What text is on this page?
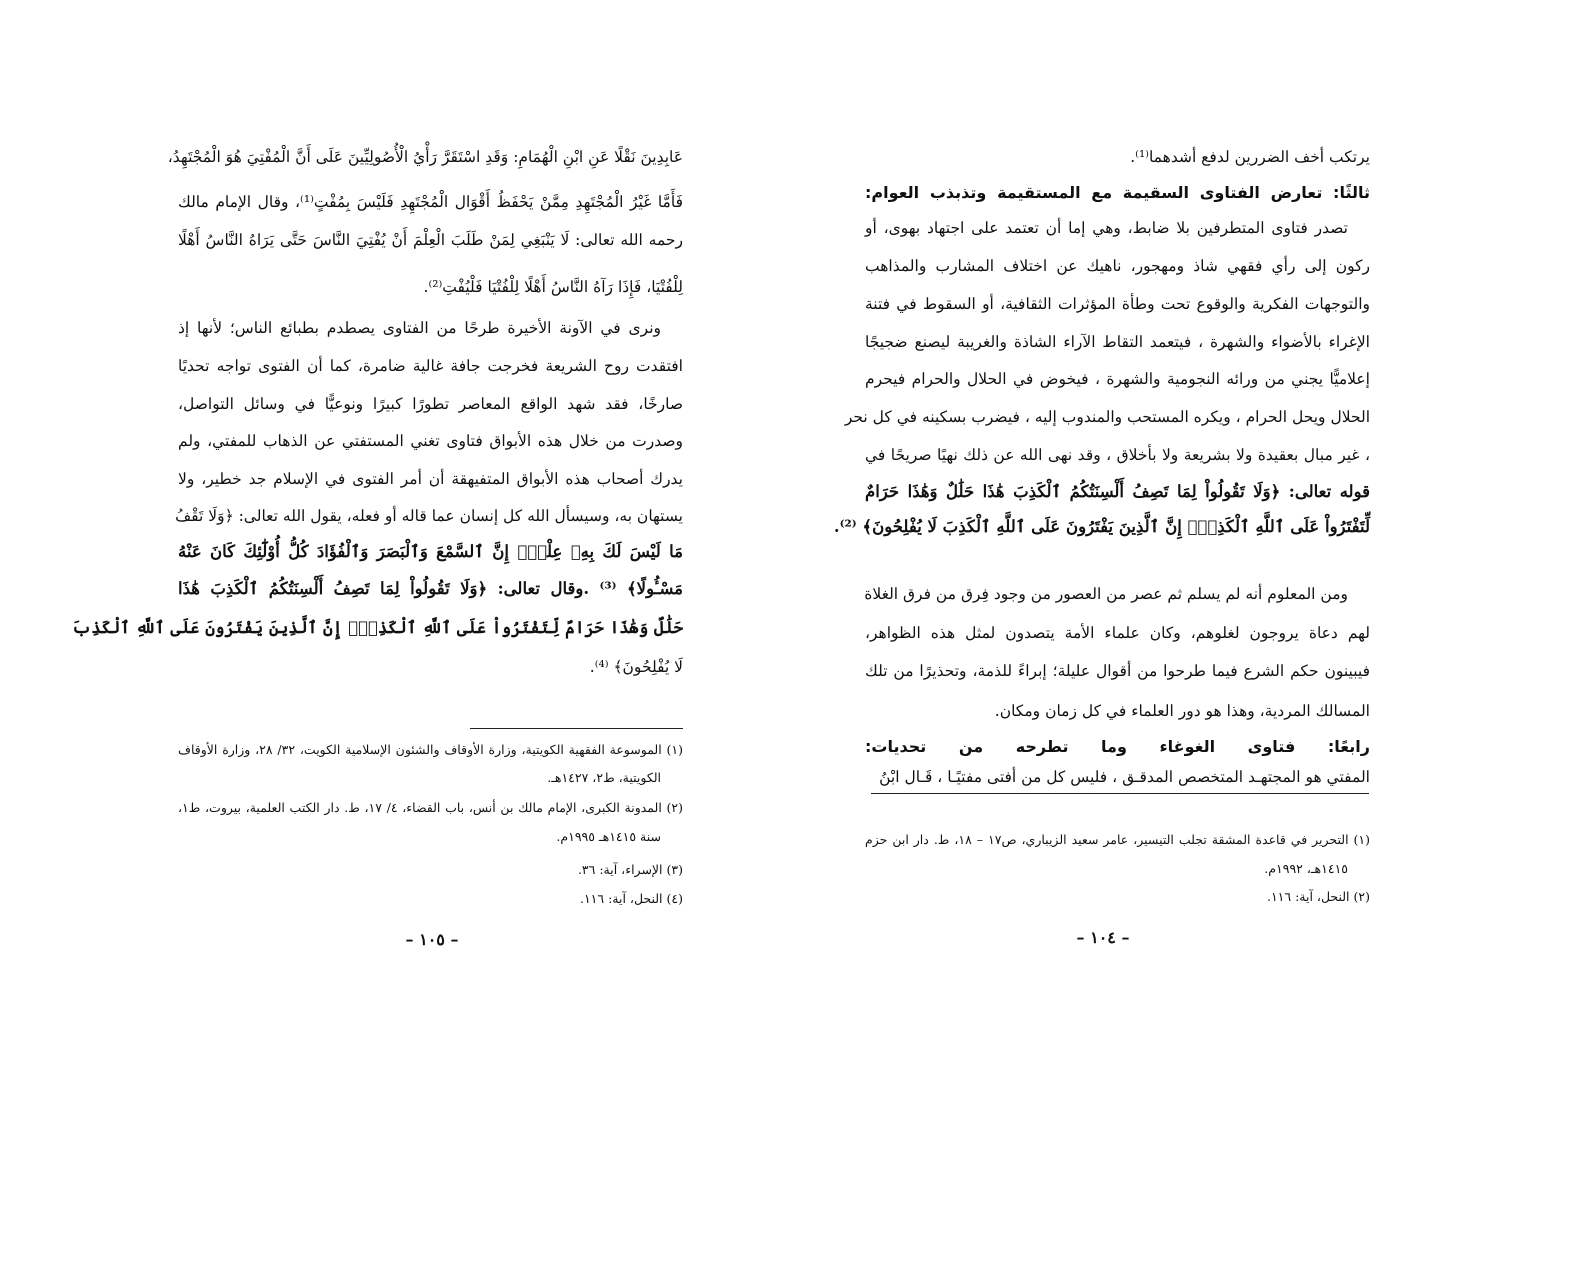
يرتكب أخف الضررين لدفع أشدهما⁽¹⁾.
ثالثًا: تعارض الفتاوى السقيمة مع المستقيمة وتذبذب العوام:
تصدر فتاوى المتطرفين بلا ضابط، وهي إما أن تعتمد على اجتهاد بهوى، أو
ركون إلى رأي فقهي شاذ ومهجور، ناهيك عن اختلاف المشارب والمذاهب
والتوجهات الفكرية والوقوع تحت وطأة المؤثرات الثقافية، أو السقوط في فتنة
الإغراء بالأضواء والشهرة ، فيتعمد التقاط الآراء الشاذة والغريبة ليصنع ضجيجًا
إعلاميًّا يجني من ورائه النجومية والشهرة ، فيخوض في الحلال والحرام فيحرم
الحلال ويحل الحرام ، ويكره المستحب والمندوب إليه ، فيضرب بسكينه في كل نحر
، غير مبال بعقيدة ولا بشريعة ولا بأخلاق ، وقد نهى الله عن ذلك نهيًا صريحًا في
قوله تعالى: ﴿وَلَا تَقُولُواْ لِمَا تَصِفُ أَلْسِنَتُكُمُ ٱلْكَذِبَ هَٰذَا حَلَٰلٌ وَهَٰذَا حَرَامٌ
لِّتَفْتَرُواْ عَلَى ٱللَّهِ ٱلْكَذِبَۚ إِنَّ ٱلَّذِينَ يَفْتَرُونَ عَلَى ٱللَّهِ ٱلْكَذِبَ لَا يُفْلِحُونَ﴾ ⁽²⁾.
ومن المعلوم أنه لم يسلم ثم عصر من العصور من وجود فِرق من فرق الغلاة
لهم دعاة يروجون لغلوهم، وكان علماء الأمة يتصدون لمثل هذه الظواهر،
فيبينون حكم الشرع فيما طرحوا من أقوال عليلة؛ إبراءً للذمة، وتحذيرًا من تلك
المسالك المردية، وهذا هو دور العلماء في كل زمان ومكان.
رابعًا: فتاوى الغوغاء وما تطرحه من تحديات:
المفتي هو المجتهـد المتخصص المدقـق ، فليس كل من أفتى مفتيًـا ، قَـال ابْنُ
(١) التحرير في قاعدة المشقة تجلب التيسير، عامر سعيد الزيباري، ص١٧ – ١٨، ط. دار ابن حزم
١٤١٥هـ، ١٩٩٢م.
(٢) النحل، آية: ١١٦.
– ١٠٤ –
عَابِدِينَ نَقْلًا عَنِ ابْنِ الْهُمَامِ: وَقَدِ اسْتَقَرَّ رَأْيُ الْأُصُولِيِّينَ عَلَى أَنَّ الْمُفْتِيَ هُوَ الْمُجْتَهِدُ،
فَأَمَّا غَيْرُ الْمُجْتَهِدِ مِمَّنْ يَحْفَظُ أَقْوَال الْمُجْتَهِدِ فَلَيْسَ بِمُفْتٍ⁽¹⁾، وقال الإمام مالك
رحمه الله تعالى: لَا يَنْبَغِي لِمَنْ طَلَبَ الْعِلْمَ أَنْ يُفْتِيَ النَّاسَ حَتَّى يَرَاهُ النَّاسُ أَهْلًا
لِلْفُتْيَا، فَإِذَا رَآهُ النَّاسُ أَهْلًا لِلْفُتْيَا فَلْيُفْتِ⁽²⁾.
ونرى في الآونة الأخيرة طرحًا من الفتاوى يصطدم بطبائع الناس؛ لأنها إذ
افتقدت روح الشريعة فخرجت جافة غالية ضامرة، كما أن الفتوى تواجه تحديًا
صارخًا، فقد شهد الواقع المعاصر تطورًا كبيرًا ونوعيًّا في وسائل التواصل،
وصدرت من خلال هذه الأبواق فتاوى تغني المستفتي عن الذهاب للمفتي، ولم
يدرك أصحاب هذه الأبواق المتفيهقة أن أمر الفتوى في الإسلام جد خطير، ولا
يستهان به، وسيسأل الله كل إنسان عما قاله أو فعله، يقول الله تعالى: ﴿وَلَا تَقْفُ
مَا لَيْسَ لَكَ بِهِۦ عِلْمٌۚ إِنَّ ٱلسَّمْعَ وَٱلْبَصَرَ وَٱلْفُؤَادَ كُلُّ أُوْلَٰٓئِكَ كَانَ عَنْهُ
مَسْـُٔولًا﴾ ⁽³⁾ .وقال تعالى: ﴿وَلَا تَقُولُواْ لِمَا تَصِفُ أَلْسِنَتُكُمُ ٱلْكَذِبَ هَٰذَا
حَلَٰلٌ وَهَٰذَا حَرَامٌ لِّتَفْتَرُواْ عَلَى ٱللَّهِ ٱلْكَذِبَۚ إِنَّ ٱلَّذِينَ يَفْتَرُونَ عَلَى ٱللَّهِ ٱلْكَذِبَ
لَا يُفْلِحُونَ﴾ ⁽⁴⁾.
(١) الموسوعة الفقهية الكويتية، وزارة الأوقاف والشئون الإسلامية الكويت، ٣٢/ ٢٨، وزارة الأوقاف
الكويتية، ط٢، ١٤٢٧هـ.
(٢) المدونة الكبرى، الإمام مالك بن أنس، باب القضاء، ٤/ ١٧، ط. دار الكتب العلمية، بيروت، ط١،
سنة ١٤١٥هـ ١٩٩٥م.
(٣) الإسراء، آية: ٣٦.
(٤) النحل، آية: ١١٦.
– ١٠٥ –
